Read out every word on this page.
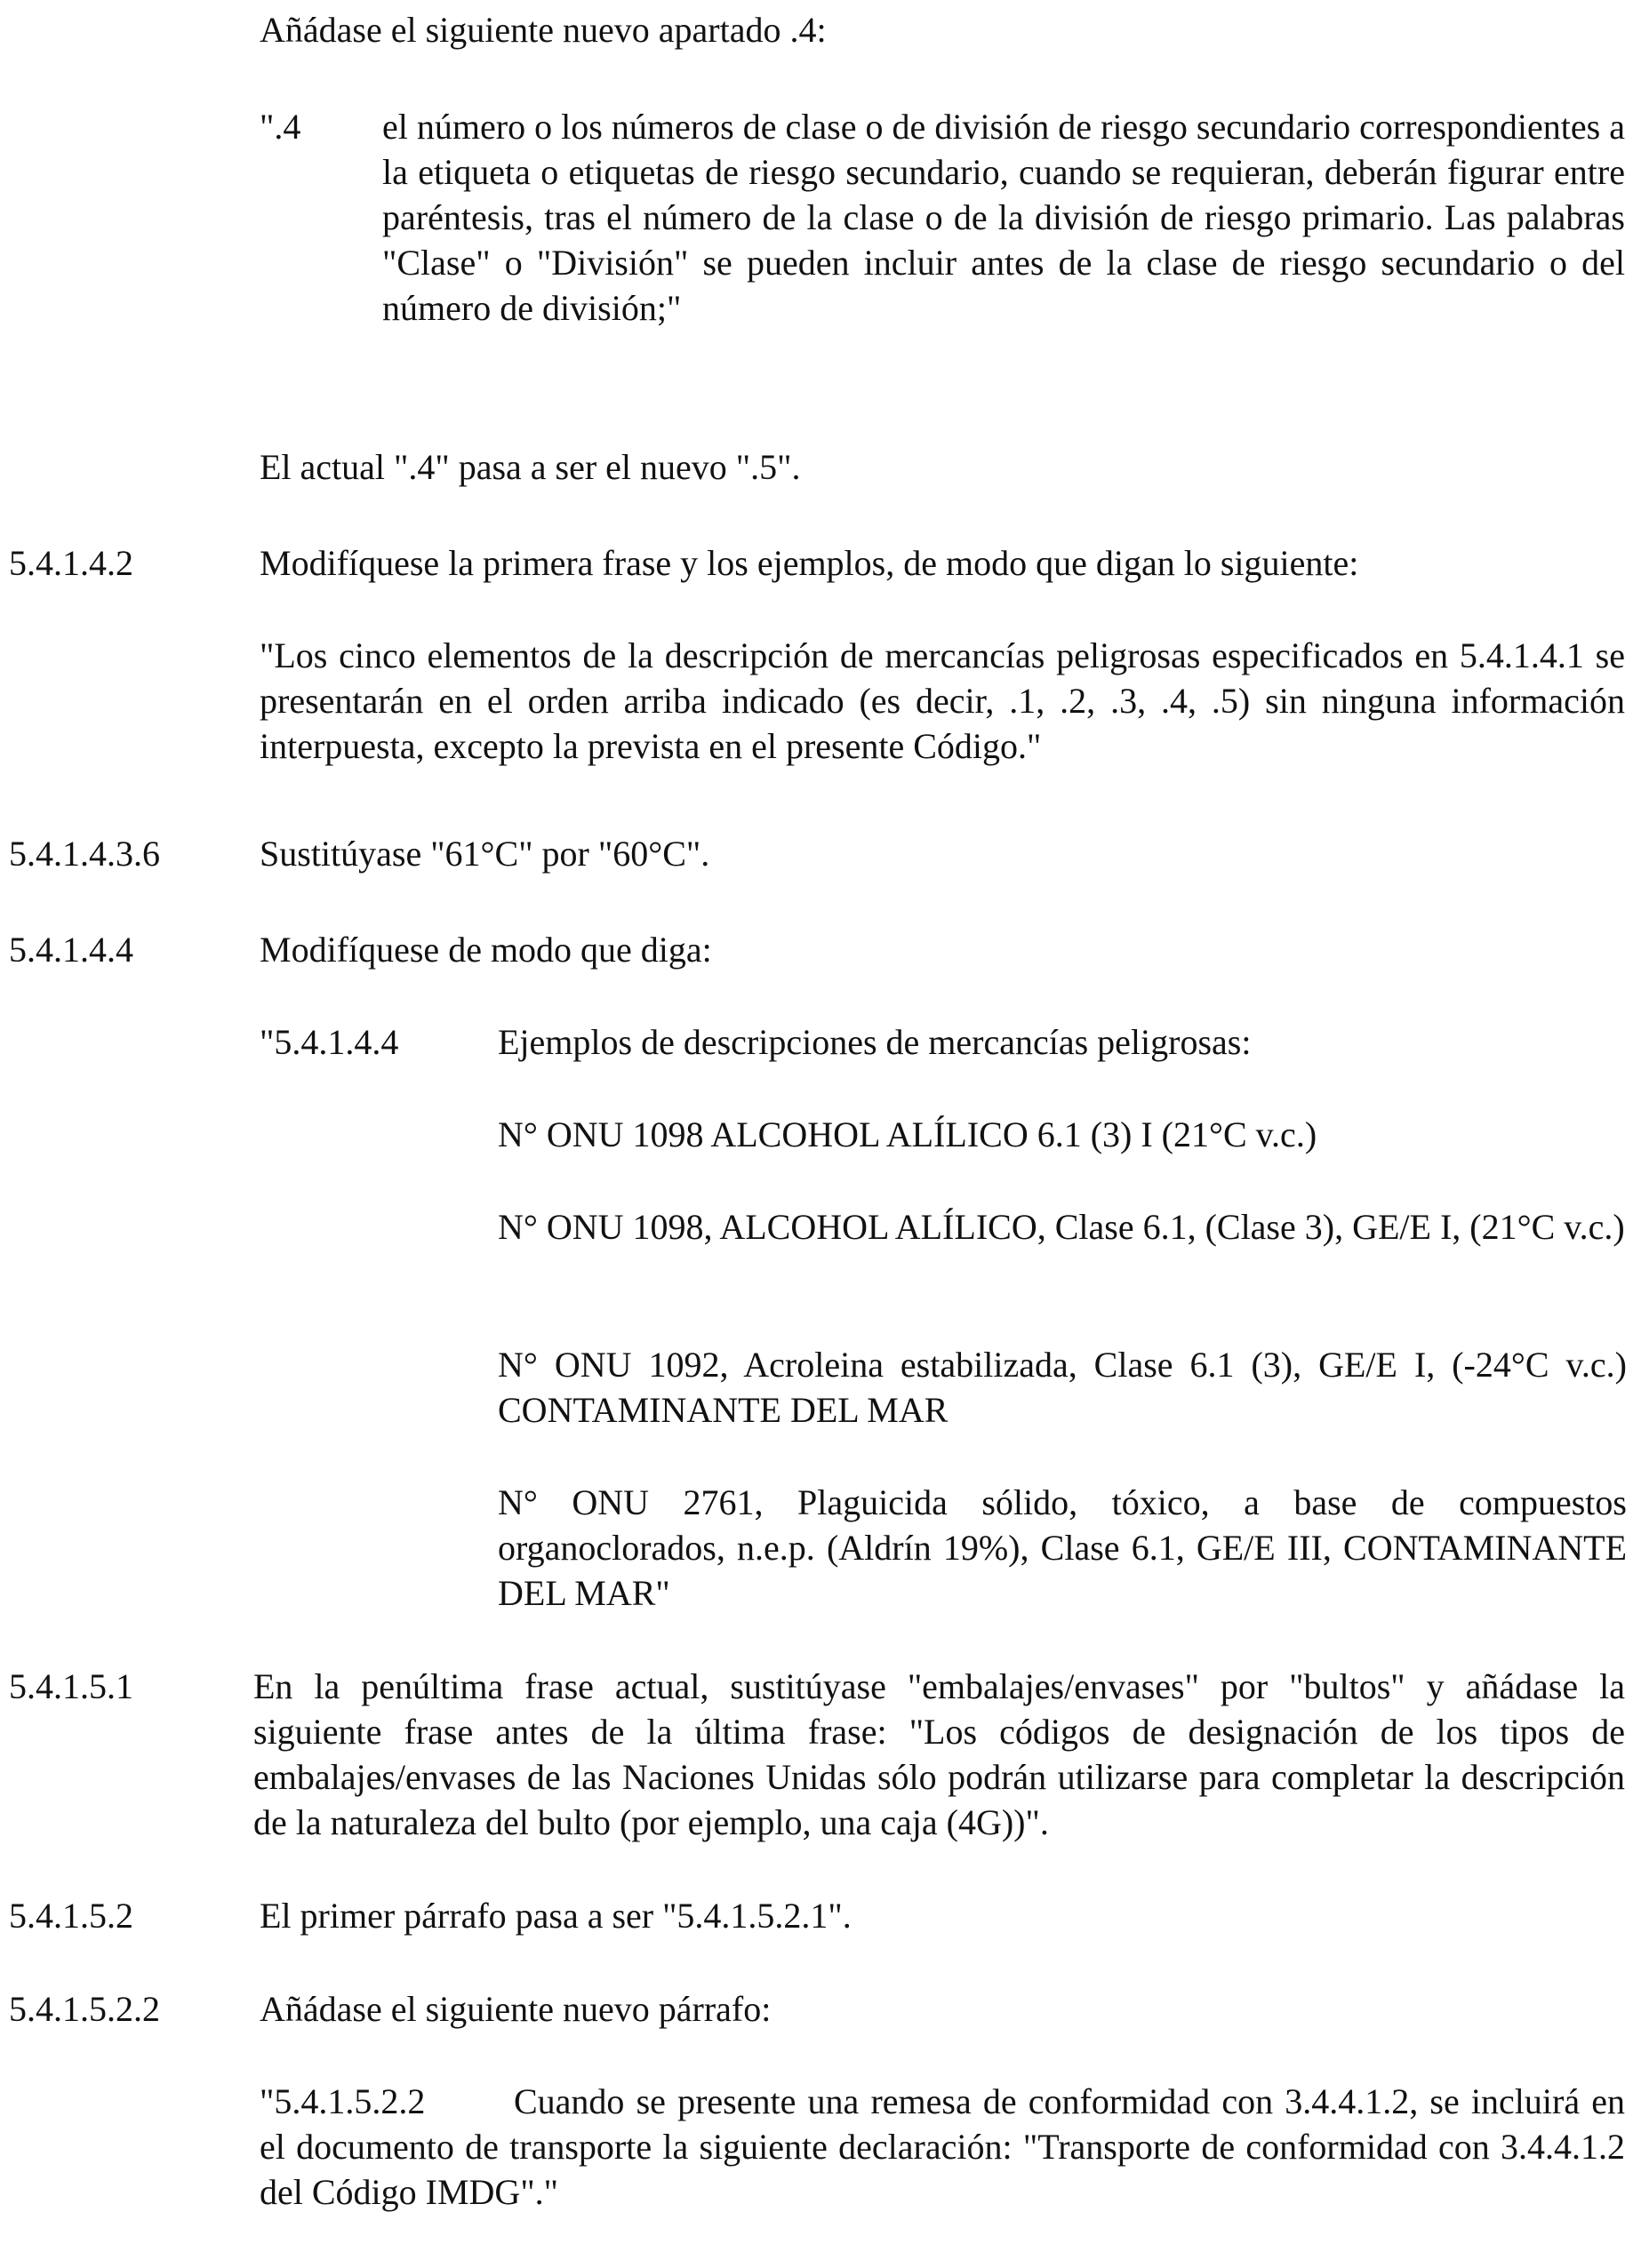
Añádase el siguiente nuevo apartado .4:

".4 el número o los números de clase o de división de riesgo secundario correspondientes a la etiqueta o etiquetas de riesgo secundario, cuando se requieran, deberán figurar entre paréntesis, tras el número de la clase o de la división de riesgo primario. Las palabras "Clase" o "División" se pueden incluir antes de la clase de riesgo secundario o del número de división;"

El actual ".4" pasa a ser el nuevo ".5".

5.4.1.4.2	Modifíquese la primera frase y los ejemplos, de modo que digan lo siguiente:

"Los cinco elementos de la descripción de mercancías peligrosas especificados en 5.4.1.4.1 se presentarán en el orden arriba indicado (es decir, .1, .2, .3, .4, .5) sin ninguna información interpuesta, excepto la prevista en el presente Código."

5.4.1.4.3.6	Sustitúyase "61°C" por "60°C".

5.4.1.4.4	Modifíquese de modo que diga:

"5.4.1.4.4	Ejemplos de descripciones de mercancías peligrosas:

N° ONU 1098 ALCOHOL ALÍLICO 6.1 (3) I (21°C v.c.)

N° ONU 1098, ALCOHOL ALÍLICO, Clase 6.1, (Clase 3), GE/E I, (21°C v.c.)

N° ONU 1092, Acroleina estabilizada, Clase 6.1 (3), GE/E I, (-24°C v.c.) CONTAMINANTE DEL MAR

N° ONU 2761, Plaguicida sólido, tóxico, a base de compuestos organoclorados, n.e.p. (Aldrín 19%), Clase 6.1, GE/E III, CONTAMINANTE DEL MAR"

5.4.1.5.1	En la penúltima frase actual, sustitúyase "embalajes/envases" por "bultos" y añádase la siguiente frase antes de la última frase: "Los códigos de designación de los tipos de embalajes/envases de las Naciones Unidas sólo podrán utilizarse para completar la descripción de la naturaleza del bulto (por ejemplo, una caja (4G))".

5.4.1.5.2	El primer párrafo pasa a ser "5.4.1.5.2.1".

5.4.1.5.2.2	Añádase el siguiente nuevo párrafo:

"5.4.1.5.2.2	Cuando se presente una remesa de conformidad con 3.4.4.1.2, se incluirá en el documento de transporte la siguiente declaración: "Transporte de conformidad con 3.4.4.1.2 del Código IMDG"."
